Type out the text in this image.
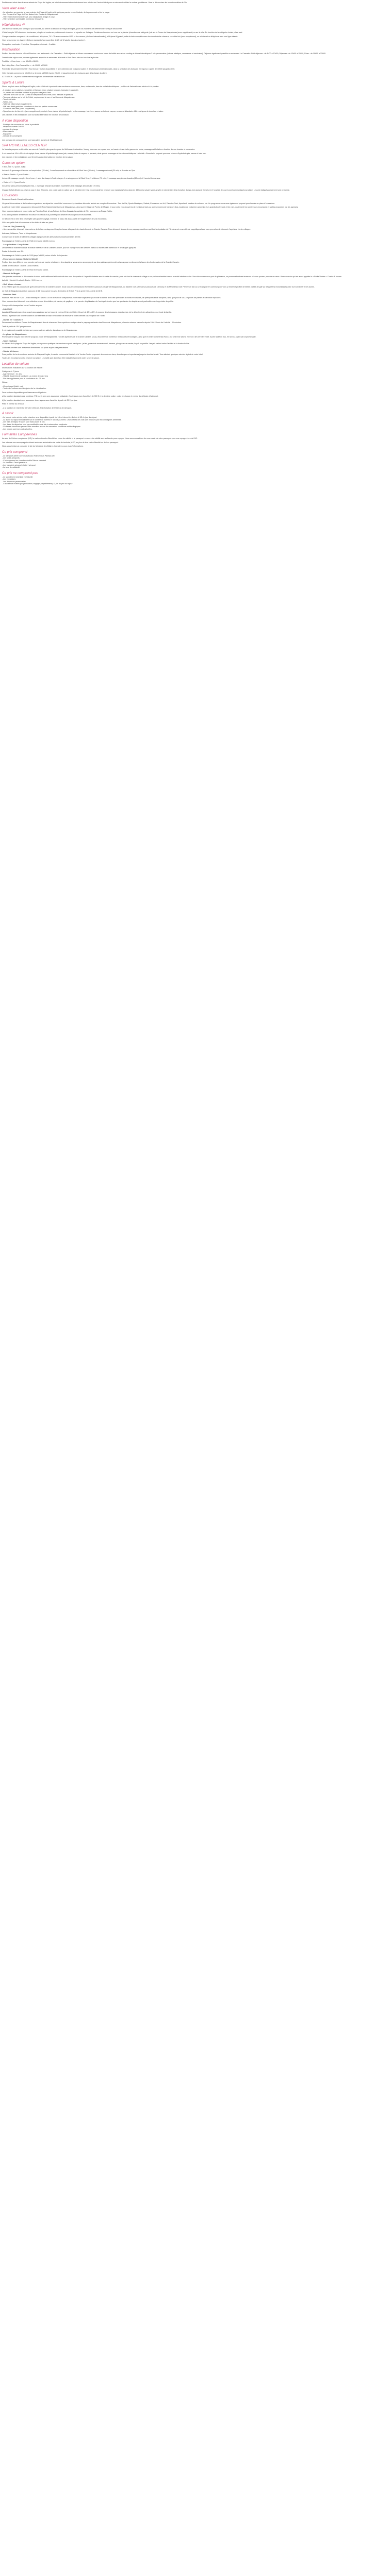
Parfaitement situé dans la zone animée de Playa del Inglés, cet hôtel récemment rénové et réservé aux adultes est l'endroit idéal pour se relaxer et oublier la routine quotidienne. Vous le découvrirez les incontournables de l'île.

Vous allez aimer
- La situation, au cœur de la zone animée de Playa del Inglés et à quelques pas du centre Kasbah, de la promenade et de la plage.
- Les Dunes et la Plage du Parc Naturel des Dunes de Maspalomas.
- Votre hôtel récemment rénové, ses installations design et cosy.
- Votre chambre confortable, lumineuse et ouverte.
Hôtel Marieta 4*

Une adresse idéale pour un séjour pour adultes, au centre du secteur de Playa del Inglés, pour vos moments de détente entre cheque découverte.

L'hôtel compte 192 chambres lumineuses, simples et modernes, entièrement rénovées et répartis sur 4 étages. Certaines chambres ont vue sur la piscine (chambres de catégorie (voir sur la Dunes de Maspalomas (avec supplément) ou sur la ville. En fonction de la catégorie choisie, elles sont

Chaque chambre comprend : air conditionné, téléphone, TV LCD avec connexion USB et des canaux (chaînes internationales), Wifi (sans fil) gratuit, salle de bain complète avec douche et sèche-cheveux, un coffre fort (avec supplément), un minibar et un téléphone avec une ligne directe.

Vous séjournerez en chambre Deluxe standard d'une superficie de 25 m2 (2 adulte dans la chambre).

Occupation maximale : 2 adultes. Occupation minimale : 1 adulte.

Restauration

Profitez de votre formule « Demi-Pension » au restaurant « Le Cascade » : Petit-déjeuner et dîners vous seront servis sous forme de buffet avec show cooking et dîners thématiques 3 fois par semaine (cuisine asiatique, canarienne et mexicaine). Déjeuner également possible au restaurant Le Cascade : Petit-déjeuner : de 8h00 à 10h30, Déjeuner : de 13h00 à 15h00, Dîner : de 19h00 à 22h00.

Durant votre séjour vous pourrez également apprécier le restaurant à la carte « Pool-Bar » situé au bord de la piscine.

Pool-Bar « Coco Loco » : de 10h00 à 18h00.

Bar Lobby-Bar « Dos Pascos Bar » : de 10h00 à 23h00

Possibilité de prendre le forfait « Tout Inclus » (selon disponibilité et avec sélection de boissons locales et des boissons internationales, dans la sélection des boissons en vigueur, à partir de 10h00 jusqu'à 23h00.

Votre formule commence à 10h00 et se termine à 23h00. Après 23h00, et jusqu'à minuit, les boissons sont à la charge du client.

ATTENTION : Le port d'un bracelet est exigé afin de bénéficier de la formule.

Sports & Loisirs

Située en plein cœur de Playa del Inglés, votre hôtel est à proximité des nombreux commerces, bars, restaurants, bars de nuit et discothèques : profitez de l'animation en soirée et à la piscine.

- 2 piscines avec solarium, serviettes et hamacs (avec chaises longues, transats et parasols).
- La piscine est chauffée en hiver et propose des jeux d'eau.
- Terrasse avec vue sur les Dunes de Maspalomas et la mer, avec transats et parasols.
- Terrasse, situées sur le toit de l'hôtel, surplombant la mer et les Dunes de Maspalomas.
- Tennis de table.
- Water-polo.
- Table de billard (avec supplément).
- Wifi haut débit gratuit en chambres et dans les parties communes.
- Centre de bien-être (avec supplément).
- Spa et centre de bien-être (avec supplément), équipé d'une piscine à hydrothérapie, hydro-massage, bain turc, sauna, un bain de vapeur, un sauna finlandais, différents types de douches et salon.

Les piscines et les installations sont sur avec réservation en fonction de la saison.

A votre disposition
- Boutique de souvenirs ou bazar à proximité.
- réception ouverte 24h/24
- service de change
- blanchisserie
- bagagerie
- service de conciergerie

Les animaux de compagnie ne sont pas admis au sein de l'établissement.

SPA H'O WELLNESS CENTER

Le Marieta propose un bien-être au cœur de l'hôtel le plus grand espace de Wellness et relaxation. Vous y trouverez un espace zen, un bassin et une belle gamme de soins, massages et forfaits en fonction de vos besoins et vos envies.

Il est ouvert de 10h à 19h et est équipé d'une piscine d'hydrothérapie avec jets, saunas, bain de vapeur, et jacuzzis, ainsi que de massages et de soins esthétiques. Le forfait « Essentiel » proposé pour une séance d'hydrothérapie, sauna et bain turc.

Les piscines et les installations sont fermées avec réservation en fonction de la saison.

Cures en option

« Bien-Être » 2 jours/1 nuits :

Incluant : 1 gommage et la mise en température (25 min), 1 enveloppement au chocolat ou à l'Aloé Vera (30 min), 1 massage relaxant (30 min) et 1 accès au Spa.

« Beauté Santé » 3 jours/3 nuits :

Incluant 1 massage complet d'une heure, 1 soin du visage à l'huile d'argan, 1 enveloppement à l'Aloé Vera, 1 pédicure (70 min), 1 massage aux pierres chaudes (50 min) et 1 accès libre au spa.

« Detox » 2 + 2 jours/2 nuits :

Incluant 2 soins personnalisés (50 min), 1 massage relaxant aux huiles essentielles et 1 massage anti-cellulite (75 min).

Chaque forfait débute à la prise du spa et dure 2 heures. Les cures sont en option sur le site internet. Il est recommandé de réserver vos massages/soins dans les 48 heures suivant votre arrivée en demandant à la réception du spa. Les jours de fermeture et horaires des cures sont communiqués sur place. Les prix indiqués concernent une personne.

Excursions

Découvrir Grande Canarie et la nature.

Un panel d'excursions et de locations organisées au départ de votre hôtel vous seront présentées dès votre arrivée au comptoir Excursions : Tour de l'île, Sports Nautiques, Safaris, Excursions en 4x4, Palmitos Park, Aqualand, location de voitures, etc. Un programme vous sera également proposé pour la mise en place d'excursions.

A partir de notre hôtel, vous pourrez découvrir le Parc Naturel des Dunes de Maspalomas, ainsi que le village de Puerto de Mogan, et pour cela, vous trouverez de nombreux taxis ou autres moyens de transport (bus, location de voitures) à proximité. Les grands boulevards et les rues, également les nombreuses excursions et sorties proposées par les agences.

Vous pourrez également vous rendre au Palmitos Park, à Las Palmas de Gran Canaria, la capitale de l'île, ou encore au Roque Nublo.

Il est aussi possible de faire une excursion en bateau à la journée pour observer les dauphins et les baleines.

Ce séjour est un des lieux privilégiés sans pour le voyage, exemple le pays, fait aussi partie de l'organisation de vos excursions.

Voici une petite liste d'excursions et de visites à faire sur place :

- Tour de l'île (Tamaris 5)

« Avec vous allez découvrir des rochers, de belles montagnes et les plus beaux villages et des hauts lieux de la Grande Canarie. Pour découvrir à vous de ces paysages sublimes qui font la réputation de l'île dans cet ensemble de magnifiques lieux vous permettra de découvrir l'agréable vie des villages.

Artenara, Valleseco, Teror et Maspalomas.

Comprenant la visite de différents villages typiques et des sites naturels incontournables de l'île.

Ramassage de l'hôtel à partir de 7h45 et retour à 16h00 environ.

- Les palmitiers / Jeep Safari

Découvrez de manière ludique la beauté intérieure de la Grande Canarie, pour un voyage hors des sentiers battus au travers des Barrancos et de villages typiques.

Durée de la visite env. 8 h.

Ramassage de l'hôtel à partir de 7h30 jusqu'à 8h00, retour à la fin de la journée.

- Excursion en bateau (Dolphin Watch)

Profitez d'un jour différent pour prendre part à la vie marine et observer des dauphins. Vous serez accompagné par des guides expérimentés et vous pourrez découvrir la faune des fonds marins de la Grande Canarie.

Durée de l'excursion : 8h30 à 14h30 environ.

Ramassage de l'hôtel à partir de 9h30 et retour à 14h30.

- Marché de Mogán

Une journée combinant la découverte du vieux port traditionnel et la mélodie des rues du quartier à l'aspect balnéaire avec la visite du marché, pour voir tout le charme du village vu en pleine animation lors du marché hebdomadaire. Vous découvrirez son port de plaisance, sa promenade et ses terrasses où vous pourrez prendre un verre. Une excursion qui est aussi appelée la « Petite Venise ». Durée : 6 heures.

Activité : Marché Vendredi : Durée : 5,15 heures.

- Golf à tous niveaux

Il est évident que les parcours de golf sont nombreux à Grande Canarie. Nous vous recommandons vivement les parcours de golf de Maspalomas, du Salobre Golf & Resort (2 parcours de 18 trous) et du Meloneras Golf. Prenez un taxi ou un transport en commun pour vous y rendre et profiter de belles parties de golf sur des greens exceptionnels avec vue sur la mer et les dunes.

Le Golf de Maspalomas est un parcours de 18 trous qui se trouve à 5 minutes de l'hôtel. Prix du green fee à partir de 80 €.

- Palmitos Park

Palmitos Park est un « Zoo – Parc botanique » situé à 10 km du Parc de Maspalomas. Une visite captivante pour toute la famille avec des spectacles d'oiseaux exotiques, de perroquets et de dauphins, ainsi que plus de 1500 espèces de plantes et de fleurs tropicales.

Vous pourrez ainsi découvrir une collection unique d'orchidées, de cactus, de papillons et le premier dolphinarium de l'archipel. À noter que les spectacles de dauphins sont particulièrement appréciés du public.

Comprend le transport en bus et l'entrée au parc.

- Aqualand

Aqualand Maspalomas est un grand parc aquatique qui se trouve à environ 15 km de l'hôtel. Ouvert de 10h à 17h, il propose des toboggans, des piscines, de la détente et des attractions pour toute la famille.

Pensez à prendre une crème solaire et une serviette de bain ! Possibilité de réserver le billet d'entrée à la réception de l'hôtel.

- Dunas en « calèche »

Découvrez les célèbres Dunes de Maspalomas à dos de chameau. Une expérience unique dans le paysage saharien des Dunes de Maspalomas, classées réserve naturelle depuis 1994. Durée de l'activité : 30 minutes.

Tarifs à partir de 15 € par personne.

Il est également possible de faire une promenade en calèche dans la zone de Maspalomas.

- Le phare de Maspalomas

Promenade le long du bord de mer jusqu'au phare de Maspalomas, l'un des symboles de la Grande Canarie. Vous y trouverez de nombreux restaurants et boutiques, ainsi que le centre commercial Faro 2. Le phare se situe à environ 4 km de votre hôtel. Accès facile en bus, en taxi ou à pied par la promenade.

- Sport nautique

Au départ de la plage de Playa del Inglés, vous pourrez pratiquer de nombreux sports nautiques : jet ski, parachute ascensionnel, banane, plongée sous-marine, kayak ou paddle. Les prix varient selon l'activité et la durée choisie.

Certaines activités sont à réserver directement sur place auprès des prestataires.

- Soirée à l'Anexo

Pour profiter de la vie nocturne animée de Playa del Inglés, le centre commercial Kasbah et le Yumbo Center proposent de nombreux bars, discothèques et spectacles jusqu'au bout de la nuit. Tous situés à quelques minutes à pied de votre hôtel.

Toutes les excursions sont à réserver sur place. Les tarifs sont donnés à titre indicatif et peuvent varier selon la saison.

Location de voiture

Informations indicatives sur la location de voiture :

Catégorie A : 3 jours
- Âge minimum : 21 ans
- Validité du permis de conduire : au moins depuis 2 ans
- Pas de supplément pour le conducteur de - 25 ans

Notes :

- Kilométrage illimité : oui
- Toutes les voitures sont équipées de la climatisation.

Deux options disponibles pour l'assurance obligatoire :

a) La location standard pour un séjour (7/8 jours) avec une assurance obligatoire (tout risque avec franchise) de 900 € et la dernière option : prise en charge et remise du véhicule à l'aéroport.

b) La location standard avec assurance tous risques sans franchise à partir de 25 € par jour.

Prise et remise du véhicule :

- à la location en recherche de votre véhicule, à la réception de l'hôtel ou à l'aéroport.

A savoir
- Le jour de votre arrivée, votre chambre sera disponible à partir de 14h et devra être libérée à 12h le jour du départ.
- La durée du séjour est calculée sur le nombre de nuitées et non de journées. Les horaires des vols sont imposés par les compagnies aériennes.
- Les frais de séjour et taxes sont inclus dans le prix.
- Les dates de départ ne sont pas modifiables une fois la réservation confirmée.
- Certaines excursions peuvent être annulées en cas de mauvaises conditions météorologiques.
- Les photos sont non contractuelles.
Formalités Européennes

Au sein de l'Union européenne (UE), la carte nationale d'identité en cours de validité et le passeport en cours de validité sont suffisants pour voyager. Nous vous conseillons de vous munir de votre passeport pour vos voyages hors de l'UE.

Les mineurs non accompagnés doivent avoir une autorisation de sortie du territoire (AST) en plus de leur carte d'identité ou de leur passeport.

Nous vous invitons à consulter le site du Ministère des Affaires étrangères pour plus d'informations.

Ce prix comprend
- Le transport aérien sur vols spéciaux France / Las Palmas A/R
- Les taxes aéroports
- L'hébergement en chambre double Deluxe standard
- La formule « Demi-pension »
- Les transferts aéroport / hôtel / aéroport
- La taxe de solidarité
Ce prix ne comprend pas
- Le supplément chambre individuelle
- Les excursions
- Les dépenses personnelles
- L'assurance multirisque (annulation, bagages, rapatriement) : 3,5% du prix du séjour
